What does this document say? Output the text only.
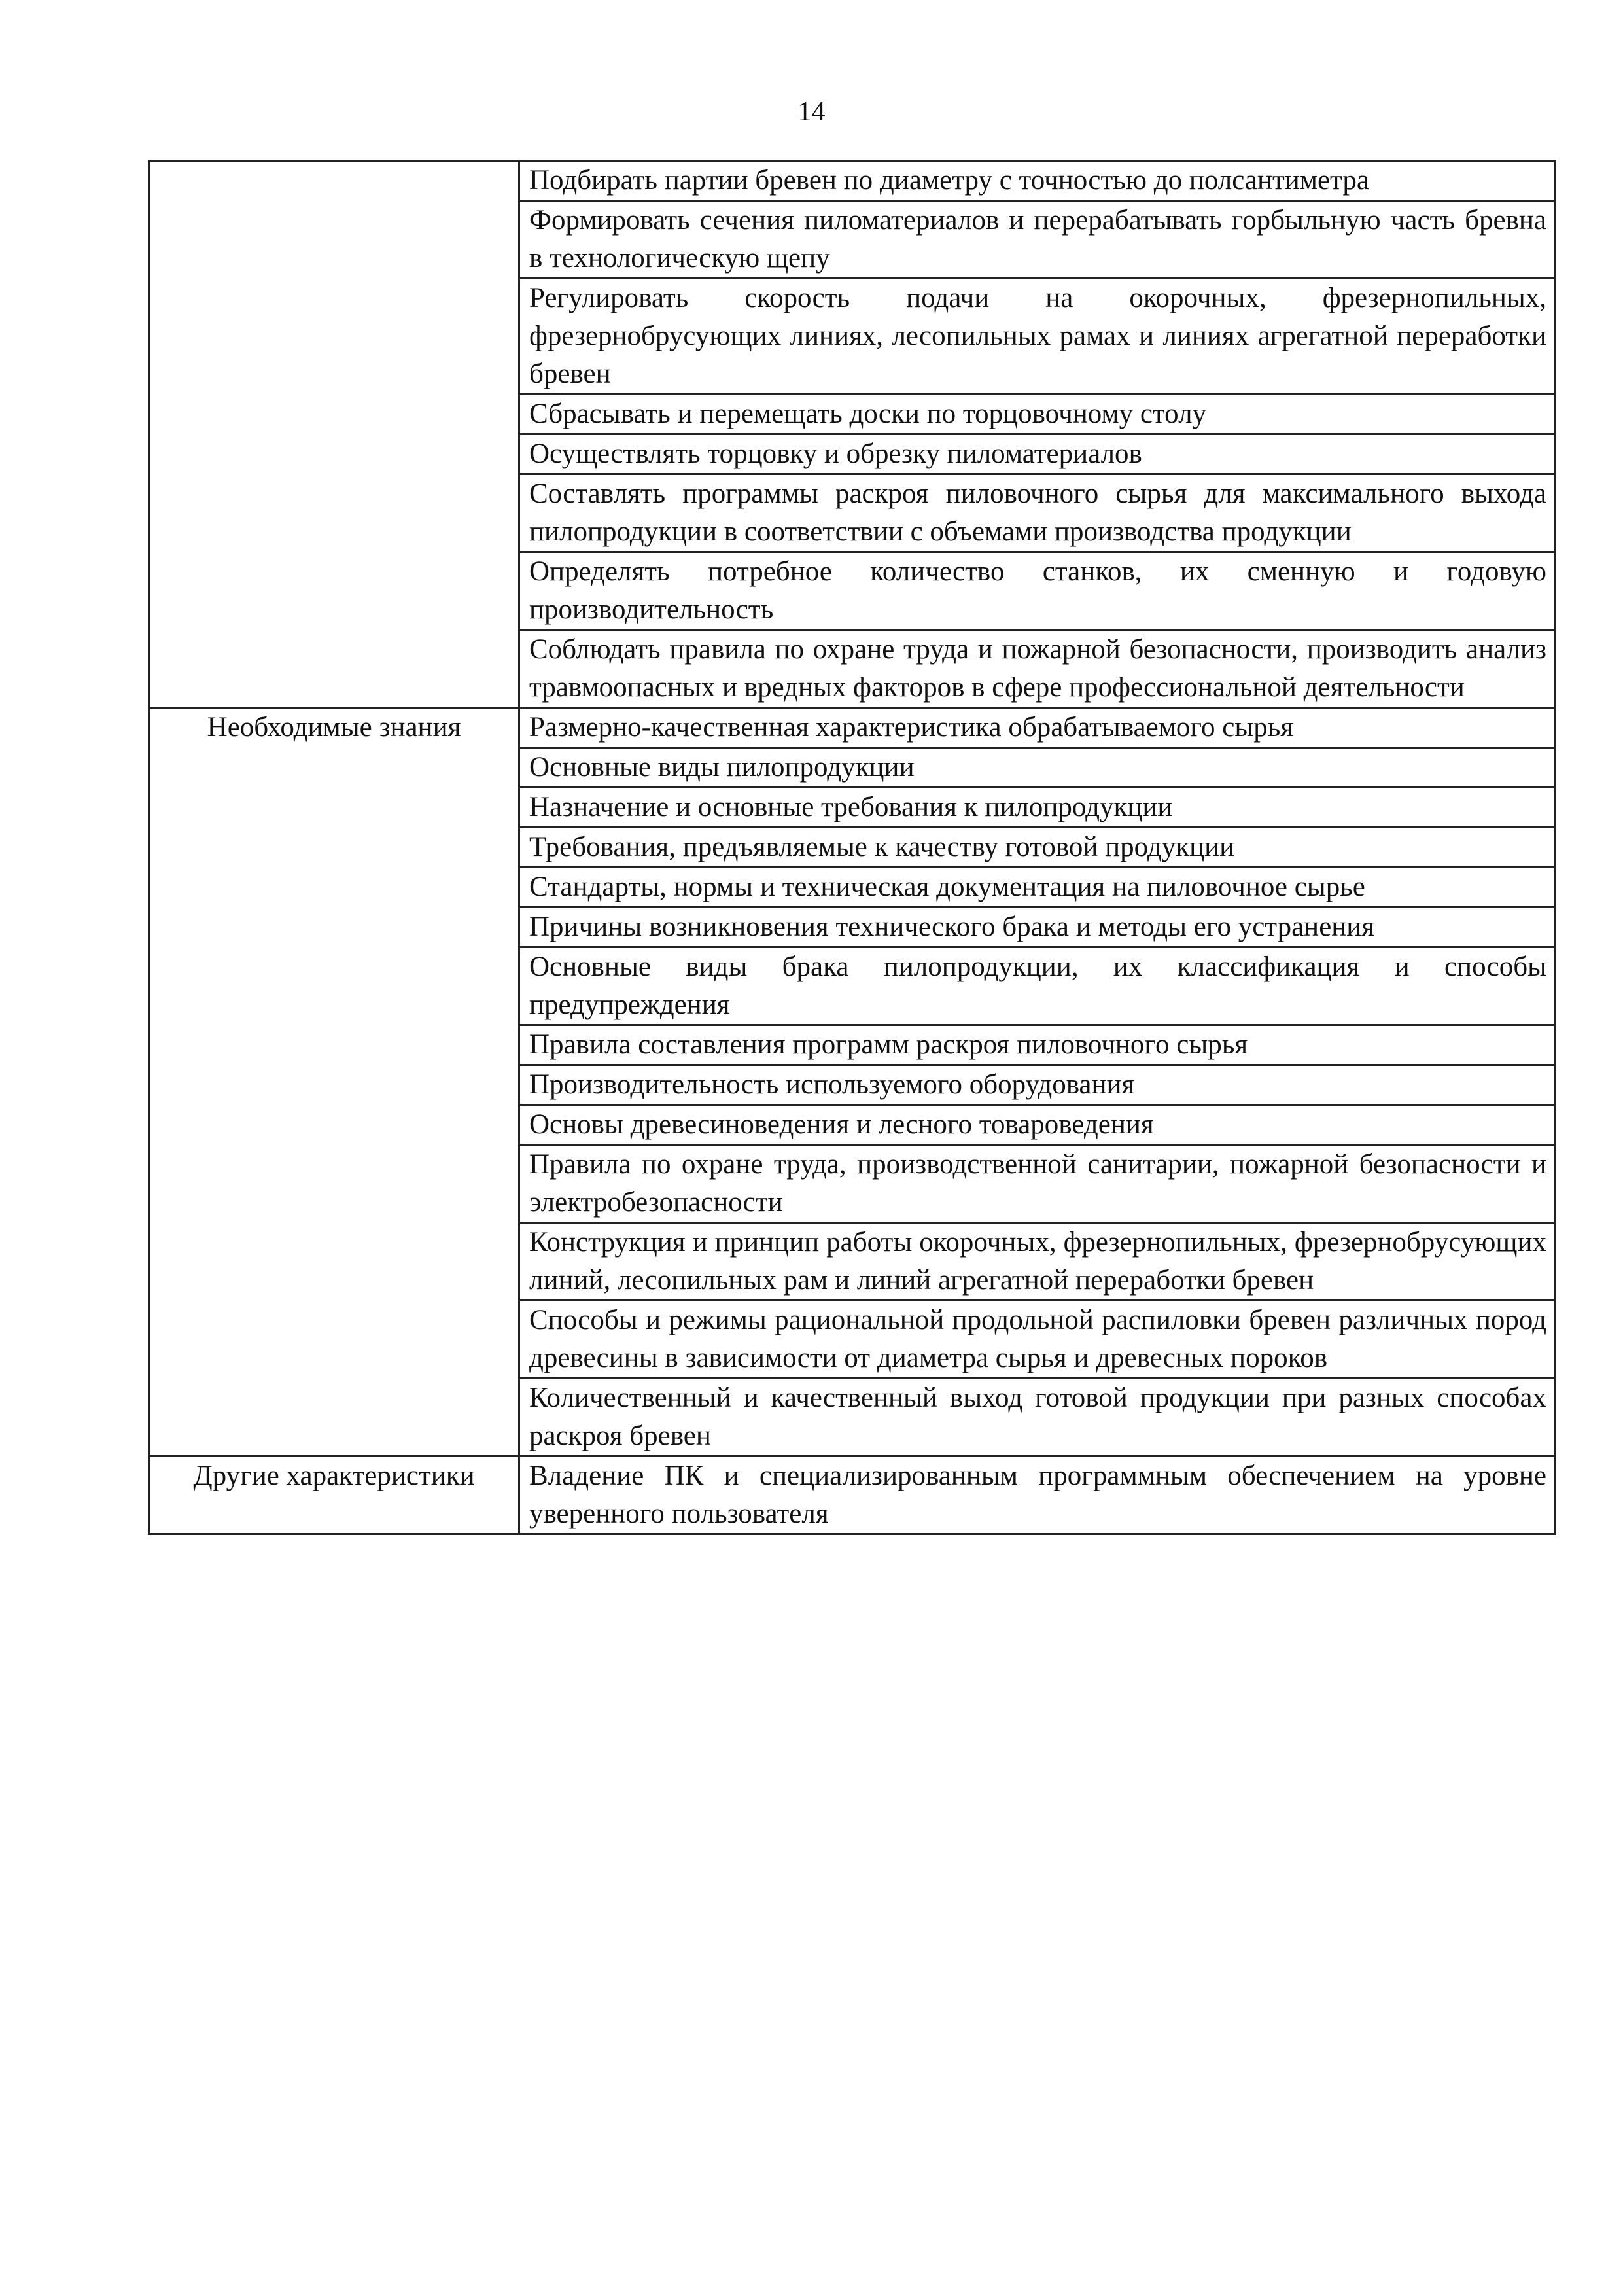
14
	Подбирать партии бревен по диаметру с точностью до полсантиметра
	Формировать сечения пиломатериалов и перерабатывать горбыльную часть бревна в технологическую щепу
	Регулировать скорость подачи на окорочных, фрезернопильных, фрезернобрусующих линиях, лесопильных рамах и линиях агрегатной переработки бревен
	Сбрасывать и перемещать доски по торцовочному столу
	Осуществлять торцовку и обрезку пиломатериалов
	Составлять программы раскроя пиловочного сырья для максимального выхода пилопродукции в соответствии с объемами производства продукции
	Определять потребное количество станков, их сменную и годовую производительность
	Соблюдать правила по охране труда и пожарной безопасности, производить анализ травмоопасных и вредных факторов в сфере профессиональной деятельности
Необходимые знания	Размерно-качественная характеристика обрабатываемого сырья
	Основные виды пилопродукции
	Назначение и основные требования к пилопродукции
	Требования, предъявляемые к качеству готовой продукции
	Стандарты, нормы и техническая документация на пиловочное сырье
	Причины возникновения технического брака и методы его устранения
	Основные виды брака пилопродукции, их классификация и способы предупреждения
	Правила составления программ раскроя пиловочного сырья
	Производительность используемого оборудования
	Основы древесиноведения и лесного товароведения
	Правила по охране труда, производственной санитарии, пожарной безопасности и электробезопасности
	Конструкция и принцип работы окорочных, фрезернопильных, фрезернобрусующих линий, лесопильных рам и линий агрегатной переработки бревен
	Способы и режимы рациональной продольной распиловки бревен различных пород древесины в зависимости от диаметра сырья и древесных пороков
	Количественный и качественный выход готовой продукции при разных способах раскроя бревен
Другие характеристики	Владение ПК и специализированным программным обеспечением на уровне уверенного пользователя
